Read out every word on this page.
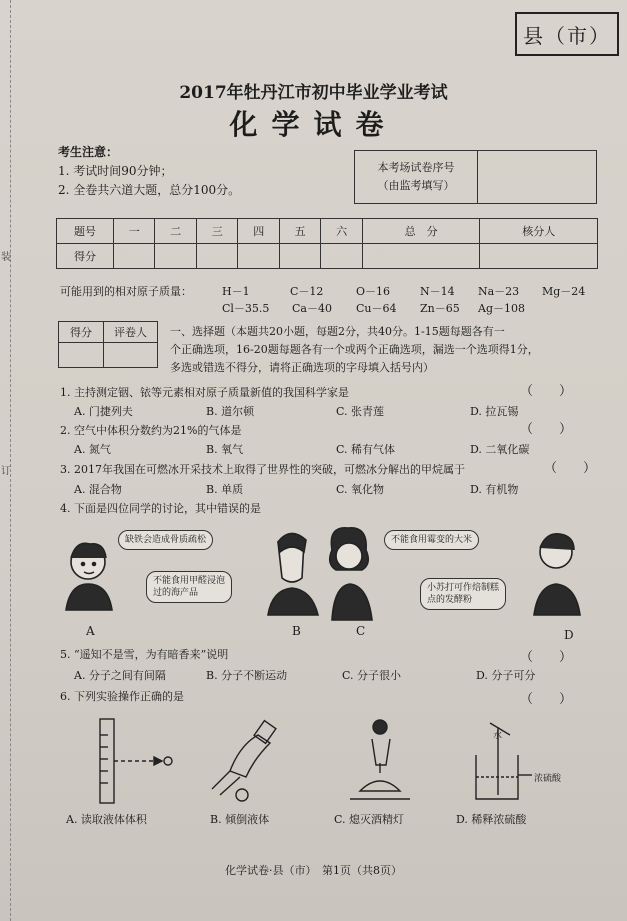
装
订
县（市）
2017年牡丹江市初中毕业学业考试
化学试卷
考生注意：
1. 考试时间90分钟；
2. 全卷共六道大题，总分100分。
本考场试卷序号
（由监考填写）

题号	一	二	三	四	五	六	总　分	核分人
得分								
可能用到的相对原子质量：	H－1	C－12	O－16	N－14 Na－23 Mg－24
Cl－35.5 Ca－40 Cu－64 Zn－65 Ag－108
得分	评卷人
	一、选择题（本题共20小题，每题2分，共40分。1-15题每题各有一
个正确选项，16-20题每题各有一个或两个正确选项，漏选一个选项得1分，
多选或错选不得分，请将正确选项的字母填入括号内）
1. 主持测定铟、铱等元素相对原子质量新值的我国科学家是	（　　）
A. 门捷列夫	B. 道尔顿	C. 张青莲	D. 拉瓦锡
2. 空气中体积分数约为21%的气体是	（　　）
A. 氮气	B. 氧气	C. 稀有气体	D. 二氧化碳
3. 2017年我国在可燃冰开采技术上取得了世界性的突破，可燃冰分解出的甲烷属于	（　　）
A. 混合物	B. 单质	C. 氧化物	D. 有机物
4. 下面是四位同学的讨论，其中错误的是
缺铁会造成骨质疏松
不能食用甲醛浸泡
过的海产品
不能食用霉变的大米
小苏打可作焙制糕
点的发酵粉
A	B	C	D
5. “遥知不是雪，为有暗香来”说明	（　　）
A. 分子之间有间隔	B. 分子不断运动	C. 分子很小	D. 分子可分
6. 下列实验操作正确的是	（　　）
水
浓硫酸
A. 读取液体体积	B. 倾倒液体	C. 熄灭酒精灯	D. 稀释浓硫酸
化学试卷·县（市）　第1页（共8页）
